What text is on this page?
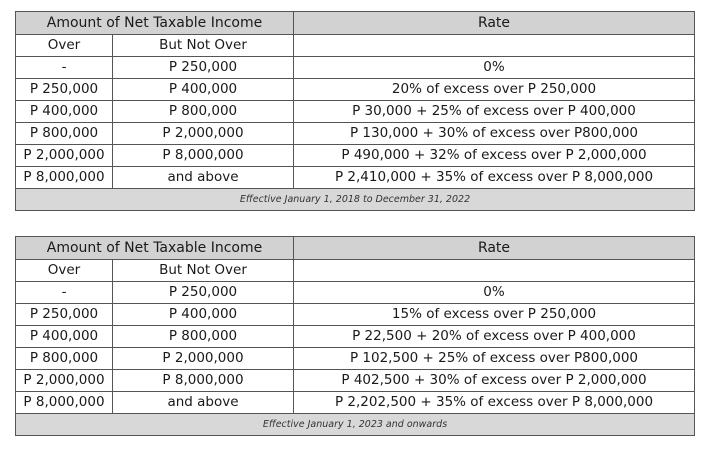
Amount of Net Taxable Income		Rate
Over	But Not Over	
-	P 250,000	0%
P 250,000	P 400,000	20% of excess over P 250,000
P 400,000	P 800,000	P 30,000 + 25% of excess over P 400,000
P 800,000	P 2,000,000	P 130,000 + 30% of excess over P800,000
P 2,000,000	P 8,000,000	P 490,000 + 32% of excess over P 2,000,000
P 8,000,000	and above	P 2,410,000 + 35% of excess over P 8,000,000
Effective January 1, 2018 to December 31, 2022		
Amount of Net Taxable Income		Rate
Over	But Not Over	
-	P 250,000	0%
P 250,000	P 400,000	15% of excess over P 250,000
P 400,000	P 800,000	P 22,500 + 20% of excess over P 400,000
P 800,000	P 2,000,000	P 102,500 + 25% of excess over P800,000
P 2,000,000	P 8,000,000	P 402,500 + 30% of excess over P 2,000,000
P 8,000,000	and above	P 2,202,500 + 35% of excess over P 8,000,000
Effective January 1, 2023 and onwards		
